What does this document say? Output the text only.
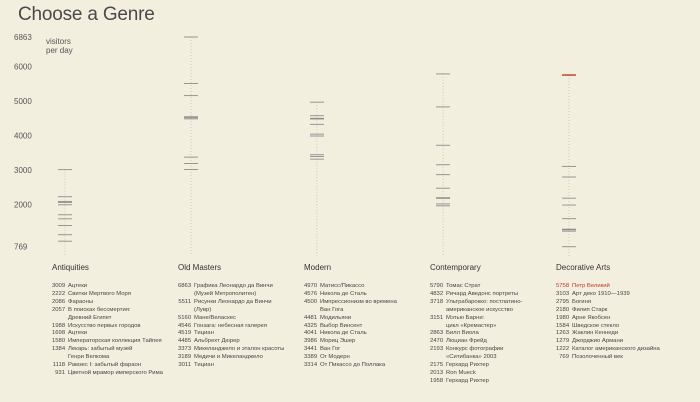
Choose a Genre
visitors per day
769
2000
3000
4000
5000
6000
6863
Antiquities
3009 Ацтеки
2222 Свитки Мертвого Моря
2086 Фараоны
2057 В поисках бессмертия:
Древний Египет
1988 Искусство первых городов
1698 Ацтеки
1580 Императорская коллекция Тайпея
1384 Лекарь: забытый музей
Генри Велкома
1118 Рамзес I: забытый фараон
931 Цветной мрамор имперского Рима
Old Masters
6863 Графика Леонардо да Винчи
(Музей Метрополитен)
5511 Рисунки Леонардо да Винчи
(Лувр)
5160 Мане/Веласкес
4546 Гонзага: небесная галерея
4519 Тициан
4485 Альбрехт Дюрер
3373 Микеланджело и эталон красоты
3189 Медичи и Микеланджело
3011 Тициан
Modern
4970 Матисс/Пикассо
4576 Никола де Сталь
4500 Импрессионизм во времена
Ван Гога
4481 Модильяни
4325 Выбор Винсент
4041 Никола де Сталь
3986 Мориц Эшер
3441 Ван Гог
3389 Ог Модерн
3314 От Пикассо до Поллака
Contemporary
5790 Томас Страт
4832 Ричард Аведонс портреты
3718 Ультрабарокко: постлатино-
американское искусство
3151 Мэтью Барни:
цикл «Кремастер»
2863 Билл Виола
2470 Люциан Фрейд
2193 Конкурс фотографии
«Ситибанка» 2003
2175 Герхард Рихтер
2013 Ron Mueck
1958 Герхард Рихтер
Decorative Arts
5758 Петр Великий
3103 Арт деко 1910—1939
2795 Богиня
2180 Филип Старк
1980 Арне Якобсен
1584 Шведское стекло
1263 Жаклин Кеннеди
1279 Джорджио Армани
1222 Каталог американского дизайна
769 Позолоченный век
